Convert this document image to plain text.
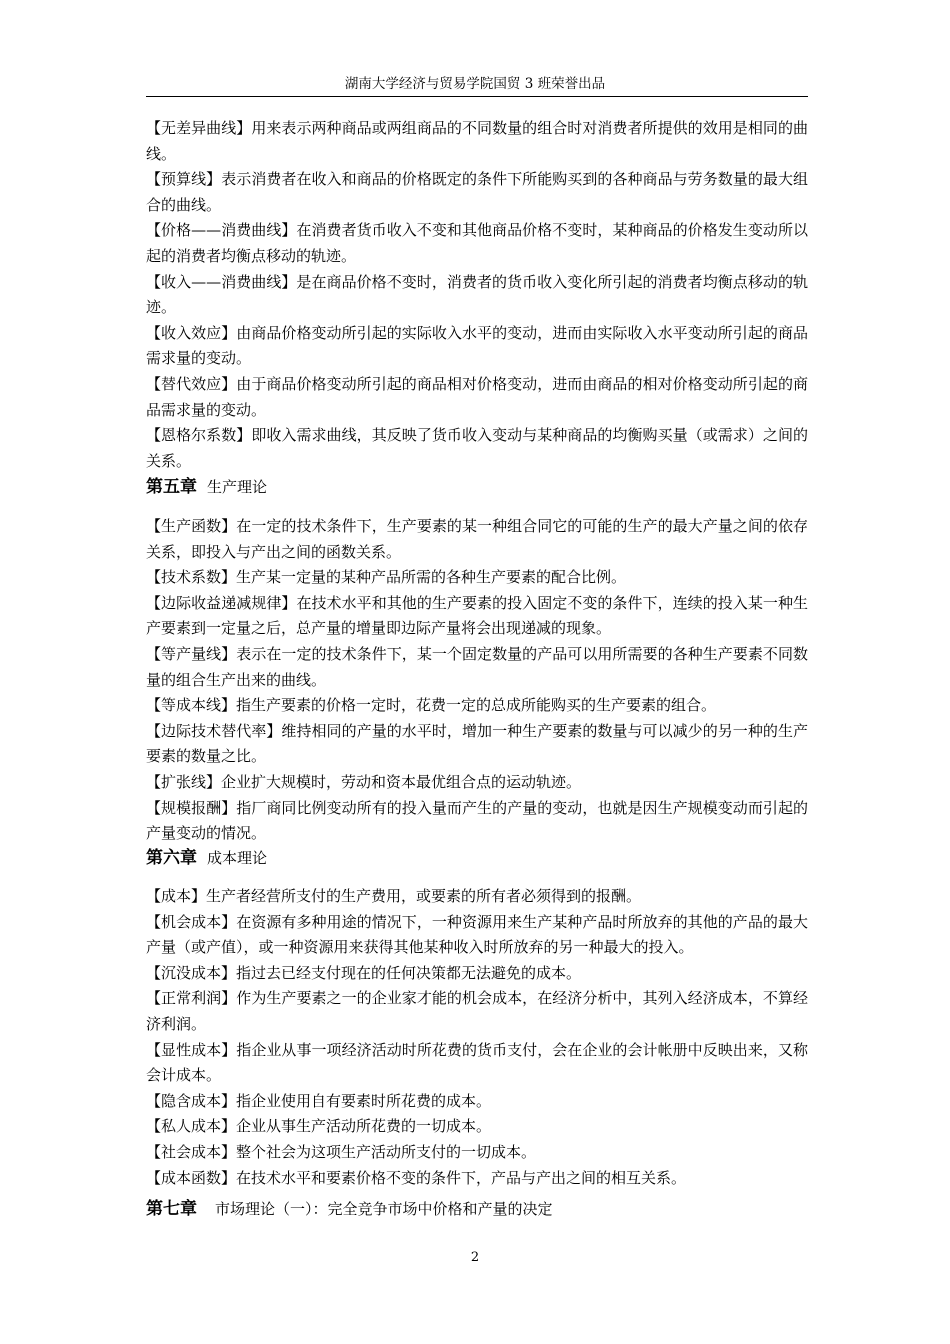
湖南大学经济与贸易学院国贸 3 班荣誉出品

【无差异曲线】用来表示两种商品或两组商品的不同数量的组合时对消费者所提供的效用是相同的曲线。

【预算线】表示消费者在收入和商品的价格既定的条件下所能购买到的各种商品与劳务数量的最大组合的曲线。

【价格——消费曲线】在消费者货币收入不变和其他商品价格不变时，某种商品的价格发生变动所以起的消费者均衡点移动的轨迹。

【收入——消费曲线】是在商品价格不变时，消费者的货币收入变化所引起的消费者均衡点移动的轨迹。

【收入效应】由商品价格变动所引起的实际收入水平的变动，进而由实际收入水平变动所引起的商品需求量的变动。

【替代效应】由于商品价格变动所引起的商品相对价格变动，进而由商品的相对价格变动所引起的商品需求量的变动。

【恩格尔系数】即收入需求曲线，其反映了货币收入变动与某种商品的均衡购买量（或需求）之间的关系。

第五章 生产理论

【生产函数】在一定的技术条件下，生产要素的某一种组合同它的可能的生产的最大产量之间的依存关系，即投入与产出之间的函数关系。

【技术系数】生产某一定量的某种产品所需的各种生产要素的配合比例。

【边际收益递减规律】在技术水平和其他的生产要素的投入固定不变的条件下，连续的投入某一种生产要素到一定量之后，总产量的增量即边际产量将会出现递减的现象。

【等产量线】表示在一定的技术条件下，某一个固定数量的产品可以用所需要的各种生产要素不同数量的组合生产出来的曲线。

【等成本线】指生产要素的价格一定时，花费一定的总成所能购买的生产要素的组合。

【边际技术替代率】维持相同的产量的水平时，增加一种生产要素的数量与可以减少的另一种的生产要素的数量之比。

【扩张线】企业扩大规模时，劳动和资本最优组合点的运动轨迹。

【规模报酬】指厂商同比例变动所有的投入量而产生的产量的变动，也就是因生产规模变动而引起的产量变动的情况。

第六章 成本理论

【成本】生产者经营所支付的生产费用，或要素的所有者必须得到的报酬。

【机会成本】在资源有多种用途的情况下，一种资源用来生产某种产品时所放弃的其他的产品的最大产量（或产值），或一种资源用来获得其他某种收入时所放弃的另一种最大的投入。

【沉没成本】指过去已经支付现在的任何决策都无法避免的成本。

【正常利润】作为生产要素之一的企业家才能的机会成本，在经济分析中，其列入经济成本，不算经济利润。

【显性成本】指企业从事一项经济活动时所花费的货币支付，会在企业的会计帐册中反映出来，又称会计成本。

【隐含成本】指企业使用自有要素时所花费的成本。

【私人成本】企业从事生产活动所花费的一切成本。

【社会成本】整个社会为这项生产活动所支付的一切成本。

【成本函数】在技术水平和要素价格不变的条件下，产品与产出之间的相互关系。

第七章 市场理论（一）：完全竞争市场中价格和产量的决定
2
